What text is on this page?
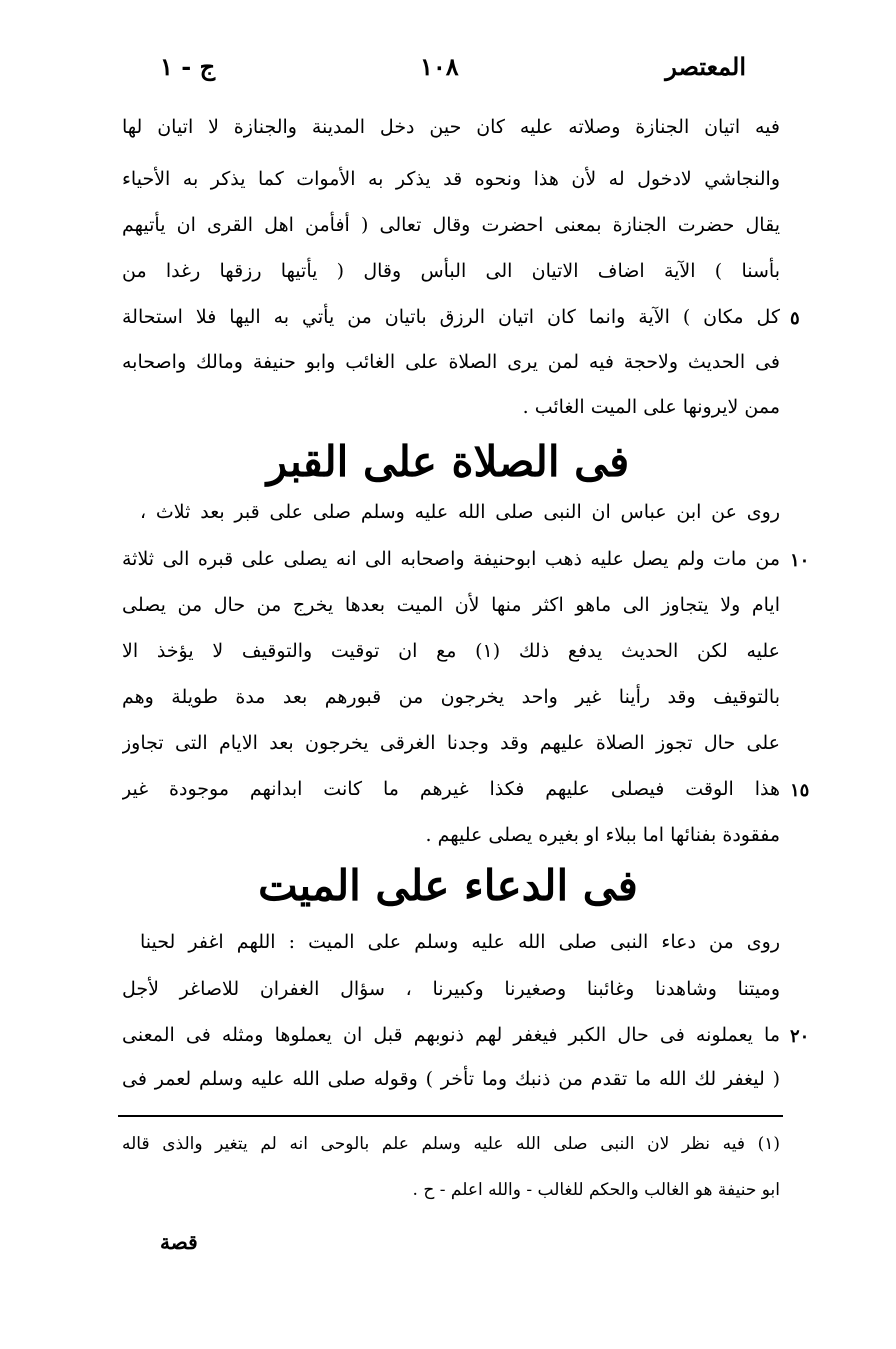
المعتصر
١٠٨
ج - ١
فيه اتيان الجنازة وصلاته عليه كان حين دخل المدينة والجنازة لا اتيان لها
والنجاشي لادخول له لأن هذا ونحوه قد يذكر به الأموات كما يذكر به الأحياء
يقال حضرت الجنازة بمعنى احضرت وقال تعالى ( أفأمن اهل القرى ان يأتيهم
بأسنا ) الآية اضاف الاتيان الى البأس وقال ( يأتيها رزقها رغدا من
كل مكان ) الآية وانما كان اتيان الرزق باتيان من يأتي به اليها فلا استحالة
فى الحديث ولاحجة فيه لمن يرى الصلاة على الغائب وابو حنيفة ومالك واصحابه
ممن لايرونها على الميت الغائب .
٥
فى الصلاة على القبر
روى عن ابن عباس ان النبى صلى الله عليه وسلم صلى على قبر بعد ثلاث ،
من مات ولم يصل عليه ذهب ابوحنيفة واصحابه الى انه يصلى على قبره الى ثلاثة
ايام ولا يتجاوز الى ماهو اكثر منها لأن الميت بعدها يخرج من حال من يصلى
عليه لكن الحديث يدفع ذلك (١) مع ان توقيت والتوقيف لا يؤخذ الا
بالتوقيف وقد رأينا غير واحد يخرجون من قبورهم بعد مدة طويلة وهم
على حال تجوز الصلاة عليهم وقد وجدنا الغرقى يخرجون بعد الايام التى تجاوز
هذا الوقت فيصلى عليهم فكذا غيرهم ما كانت ابدانهم موجودة غير
مفقودة بفنائها اما ببلاء او بغيره يصلى عليهم .
١٠
١٥
فى الدعاء على الميت
روى من دعاء النبى صلى الله عليه وسلم على الميت : اللهم اغفر لحينا
وميتنا وشاهدنا وغائبنا وصغيرنا وكبيرنا ، سؤال الغفران للاصاغر لأجل
ما يعملونه فى حال الكبر فيغفر لهم ذنوبهم قبل ان يعملوها ومثله فى المعنى
( ليغفر لك الله ما تقدم من ذنبك وما تأخر ) وقوله صلى الله عليه وسلم لعمر فى
٢٠
(١) فيه نظر لان النبى صلى الله عليه وسلم علم بالوحى انه لم يتغير والذى قاله
ابو حنيفة هو الغالب والحكم للغالب - والله اعلم - ح .
قصة
